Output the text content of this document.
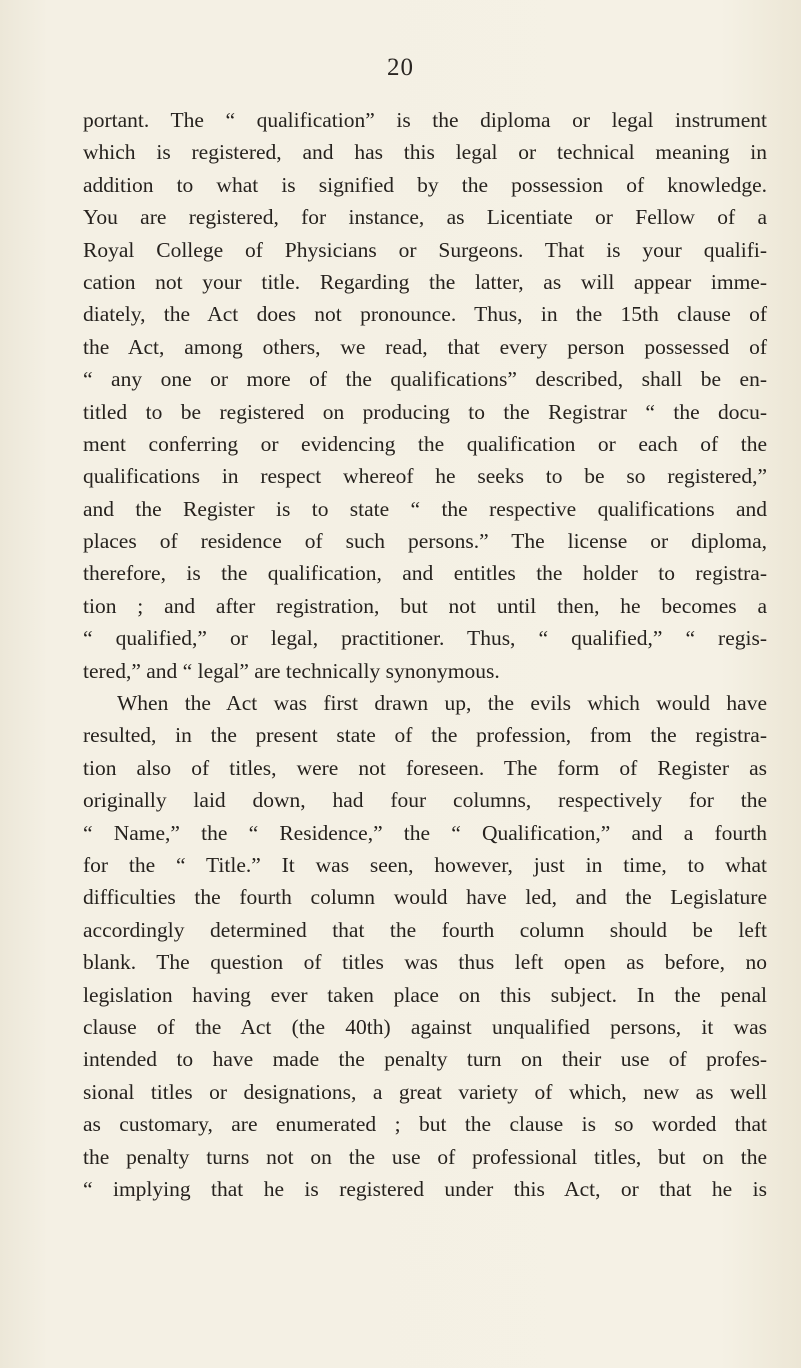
20
portant. The “ qualification” is the diploma or legal instrument
which is registered, and has this legal or technical meaning in
addition to what is signified by the possession of knowledge.
You are registered, for instance, as Licentiate or Fellow of a
Royal College of Physicians or Surgeons. That is your qualifi-
cation not your title. Regarding the latter, as will appear imme-
diately, the Act does not pronounce. Thus, in the 15th clause of
the Act, among others, we read, that every person possessed of
“ any one or more of the qualifications” described, shall be en-
titled to be registered on producing to the Registrar “ the docu-
ment conferring or evidencing the qualification or each of the
qualifications in respect whereof he seeks to be so registered,”
and the Register is to state “ the respective qualifications and
places of residence of such persons.” The license or diploma,
therefore, is the qualification, and entitles the holder to registra-
tion ; and after registration, but not until then, he becomes a
“ qualified,” or legal, practitioner. Thus, “ qualified,” “ regis-
tered,” and “ legal” are technically synonymous.
When the Act was first drawn up, the evils which would have
resulted, in the present state of the profession, from the registra-
tion also of titles, were not foreseen. The form of Register as
originally laid down, had four columns, respectively for the
“ Name,” the “ Residence,” the “ Qualification,” and a fourth
for the “ Title.” It was seen, however, just in time, to what
difficulties the fourth column would have led, and the Legislature
accordingly determined that the fourth column should be left
blank. The question of titles was thus left open as before, no
legislation having ever taken place on this subject. In the penal
clause of the Act (the 40th) against unqualified persons, it was
intended to have made the penalty turn on their use of profes-
sional titles or designations, a great variety of which, new as well
as customary, are enumerated ; but the clause is so worded that
the penalty turns not on the use of professional titles, but on the
“ implying that he is registered under this Act, or that he is
